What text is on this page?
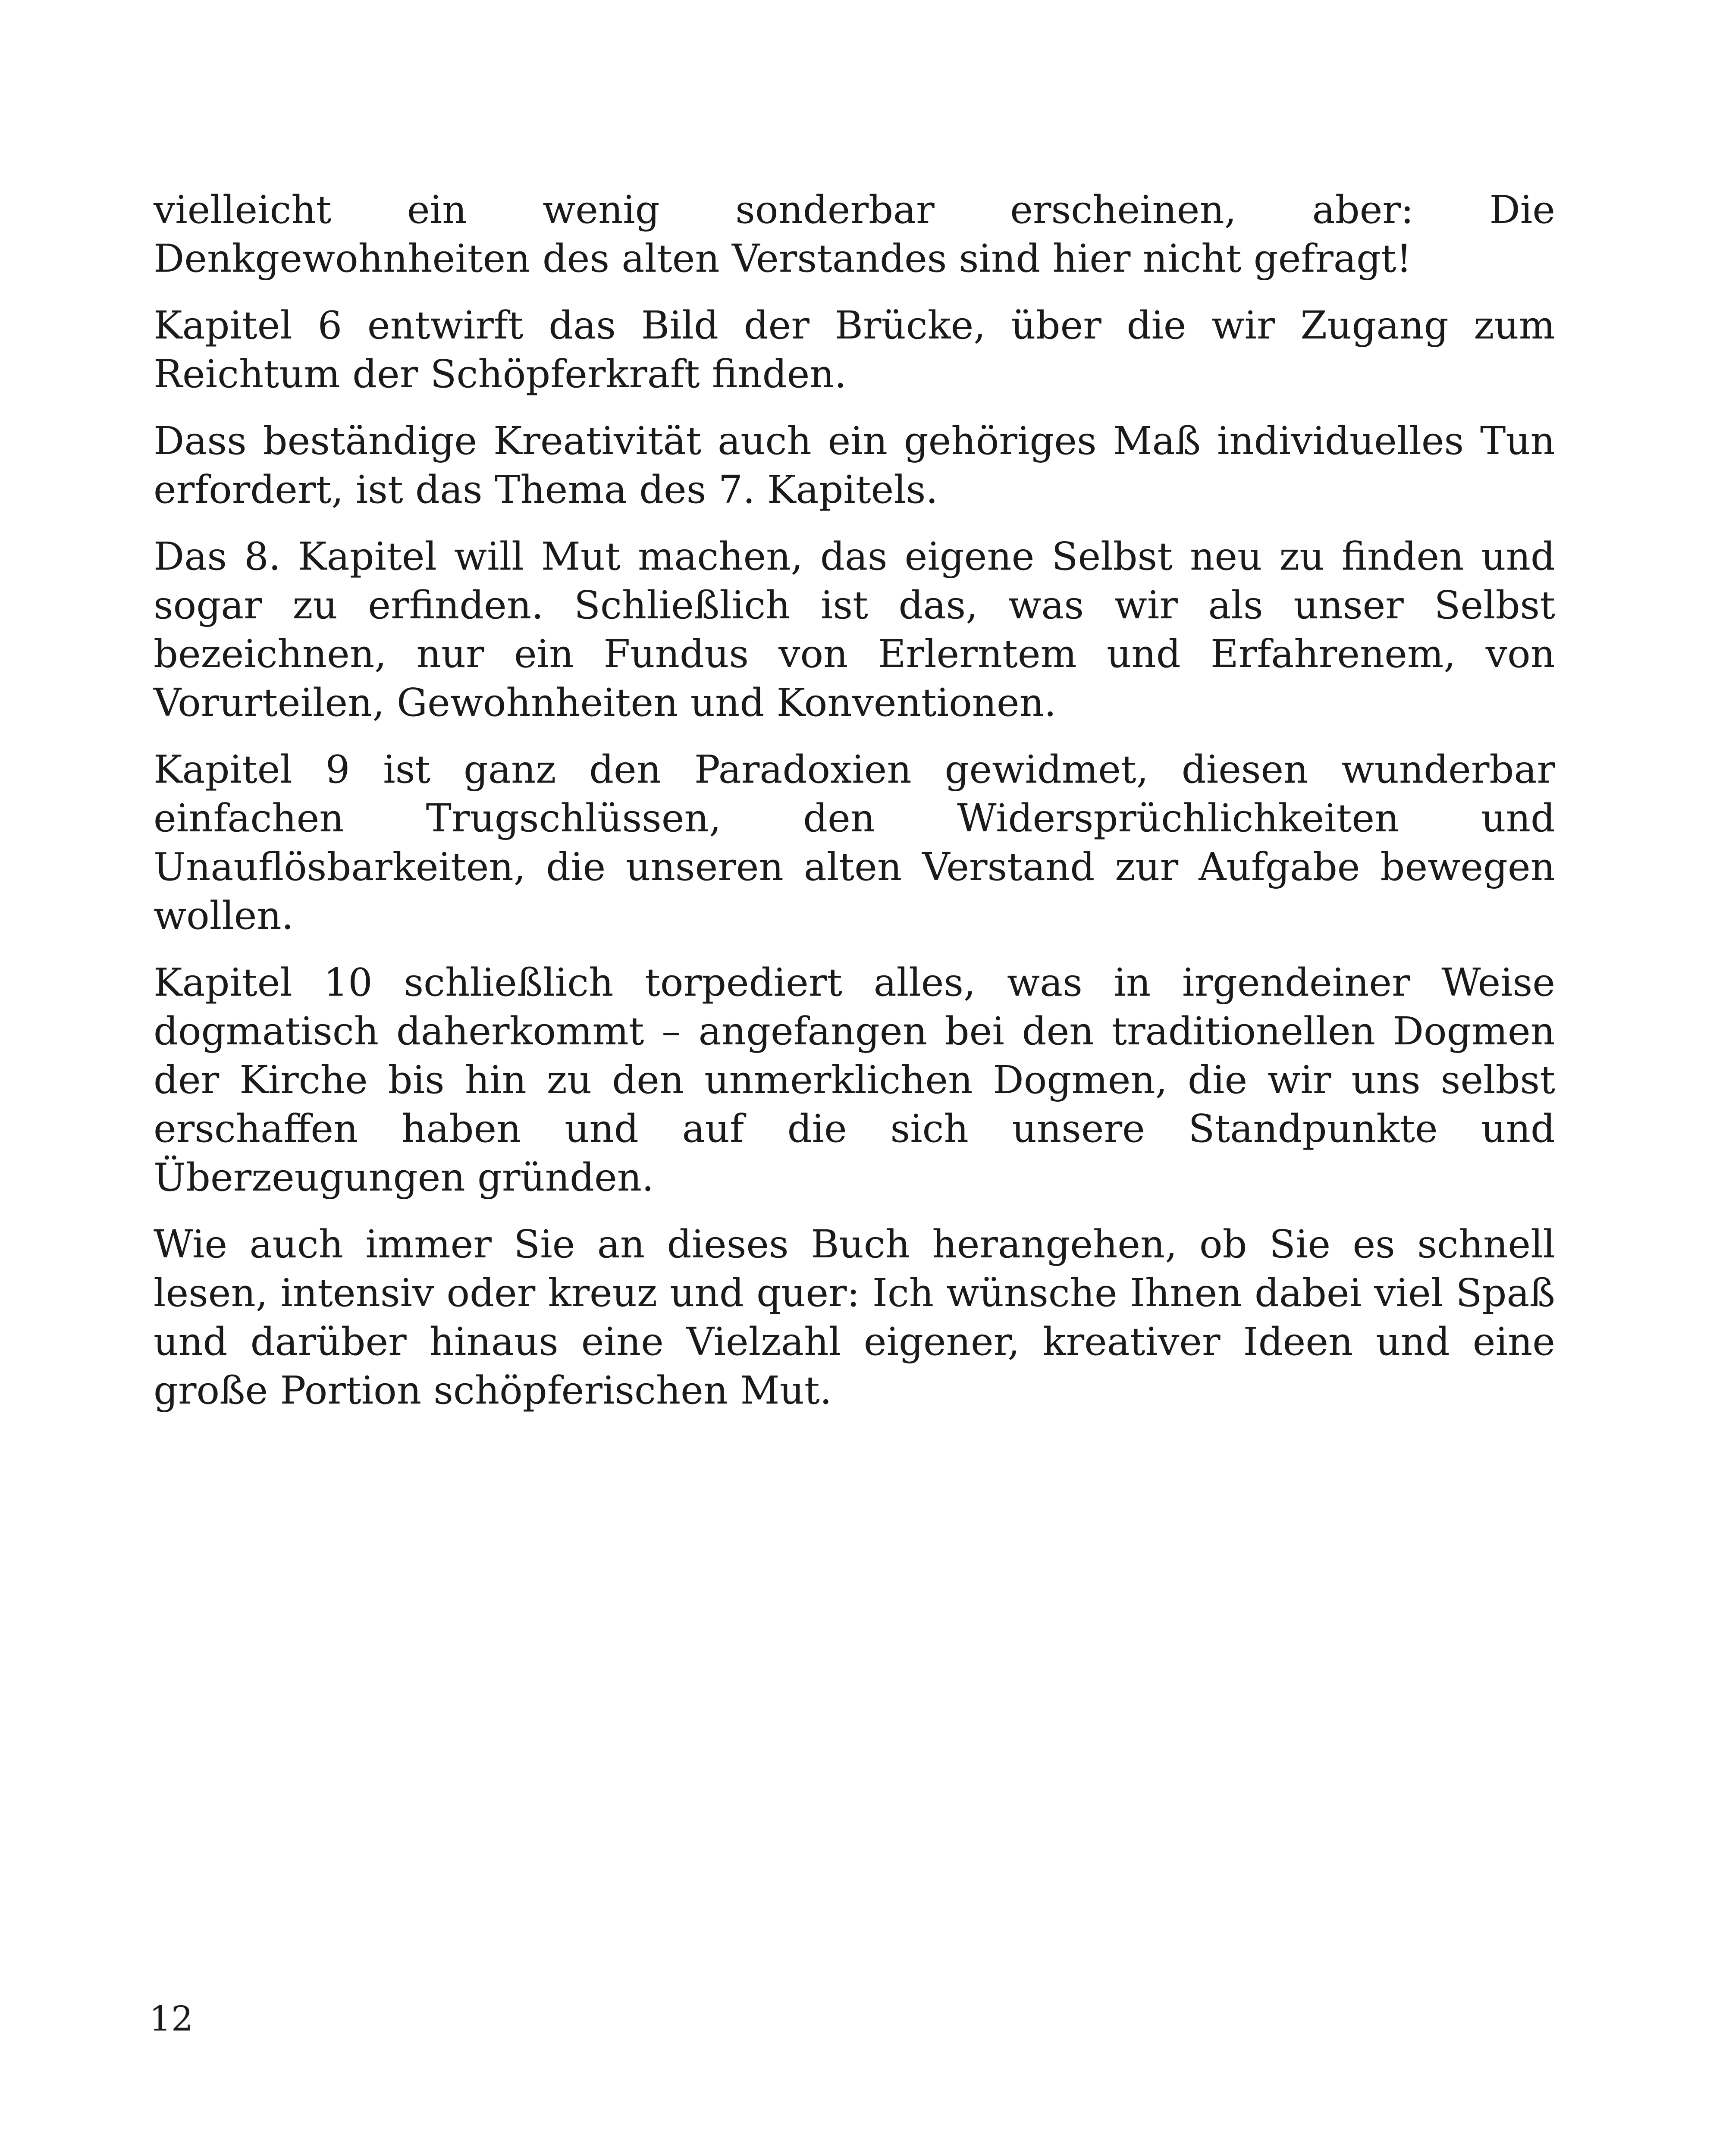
vielleicht ein wenig sonderbar erscheinen, aber: Die Denkgewohnheiten des alten Verstandes sind hier nicht gefragt!

Kapitel 6 entwirft das Bild der Brücke, über die wir Zugang zum Reichtum der Schöpferkraft finden.

Dass beständige Kreativität auch ein gehöriges Maß individuelles Tun erfordert, ist das Thema des 7. Kapitels.

Das 8. Kapitel will Mut machen, das eigene Selbst neu zu finden und sogar zu erfinden. Schließlich ist das, was wir als unser Selbst bezeichnen, nur ein Fundus von Erlerntem und Erfahrenem, von Vorurteilen, Gewohnheiten und Konventionen.

Kapitel 9 ist ganz den Paradoxien gewidmet, diesen wunderbar einfachen Trugschlüssen, den Widersprüchlichkeiten und Unauflösbarkeiten, die unseren alten Verstand zur Aufgabe bewegen wollen.

Kapitel 10 schließlich torpediert alles, was in irgendeiner Weise dogmatisch daherkommt – angefangen bei den traditionellen Dogmen der Kirche bis hin zu den unmerklichen Dogmen, die wir uns selbst erschaffen haben und auf die sich unsere Standpunkte und Überzeugungen gründen.

Wie auch immer Sie an dieses Buch herangehen, ob Sie es schnell lesen, intensiv oder kreuz und quer: Ich wünsche Ihnen dabei viel Spaß und darüber hinaus eine Vielzahl eigener, kreativer Ideen und eine große Portion schöpferischen Mut.

12
